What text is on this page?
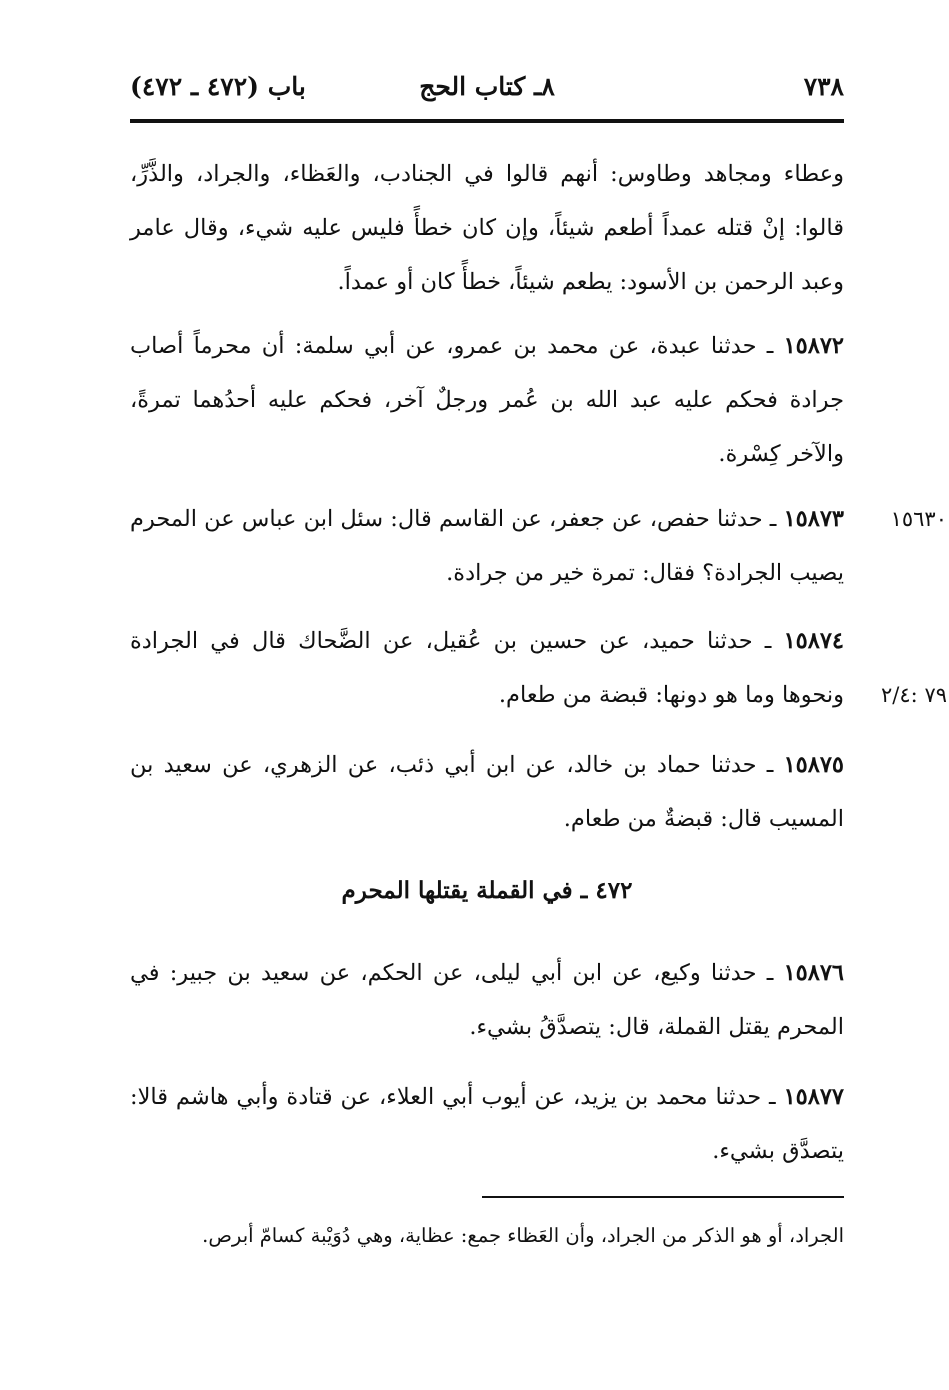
٧٣٨
٨ـ كتاب الحج
باب (٤٧٢ ـ ٤٧٢)
وعطاء ومجاهد وطاوس: أنهم قالوا في الجنادب، والعَظاء، والجراد، والذَّرِّ، قالوا: إنْ قتله عمداً أطعم شيئاً، وإن كان خطأً فليس عليه شيء، وقال عامر وعبد الرحمن بن الأسود: يطعم شيئاً، خطأً كان أو عمداً.
١٥٨٧٢ ـ حدثنا عبدة، عن محمد بن عمرو، عن أبي سلمة: أن محرماً أصاب جرادة فحكم عليه عبد الله بن عُمر ورجلٌ آخر، فحكم عليه أحدُهما تمرةً، والآخر كِسْرة.
١٥٦٣٠
١٥٨٧٣ ـ حدثنا حفص، عن جعفر، عن القاسم قال: سئل ابن عباس عن المحرم يصيب الجرادة؟ فقال: تمرة خير من جرادة.
٧٩ :٢/٤
١٥٨٧٤ ـ حدثنا حميد، عن حسين بن عُقيل، عن الضَّحاك قال في الجرادة ونحوها وما هو دونها: قبضة من طعام.
١٥٨٧٥ ـ حدثنا حماد بن خالد، عن ابن أبي ذئب، عن الزهري، عن سعيد بن المسيب قال: قبضةٌ من طعام.
٤٧٢ ـ في القملة يقتلها المحرم
١٥٨٧٦ ـ حدثنا وكيع، عن ابن أبي ليلى، عن الحكم، عن سعيد بن جبير: في المحرم يقتل القملة، قال: يتصدَّقُ بشيء.
١٥٨٧٧ ـ حدثنا محمد بن يزيد، عن أيوب أبي العلاء، عن قتادة وأبي هاشم قالا: يتصدَّق بشيء.
الجراد، أو هو الذكر من الجراد، وأن العَظاء جمع: عظاية، وهي دُوَيْبة كسامّ أبرص.
